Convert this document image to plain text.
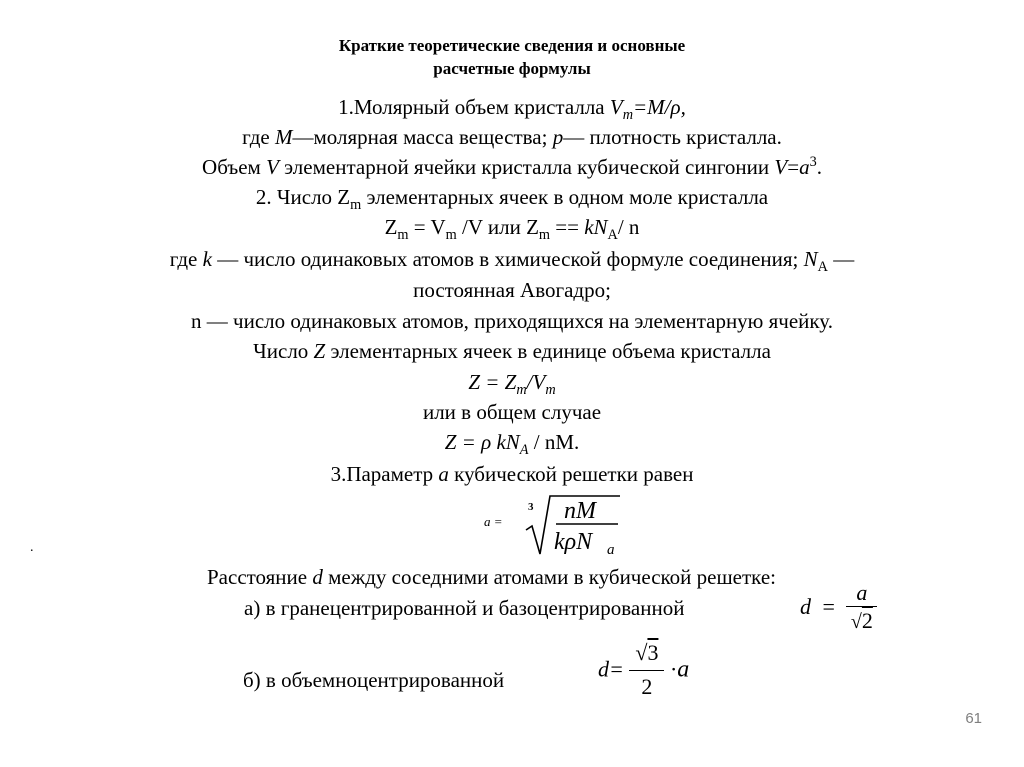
Краткие теоретические сведения и основные
расчетные формулы
1.Молярный объем кристалла $V_m=M/\rho$,
где M—молярная масса вещества; p— плотность кристалла.
Объем V элементарной ячейки кристалла кубической сингонии $V=a^3$.
2. Число $Z_m$ элементарных ячеек в одном моле кристалла
$Z_m = V_m$ /V или $Z_m == kN_A/$ n
где k — число одинаковых атомов в химической формуле соединения; $N_A$ —
постоянная Авогадро;
n — число одинаковых атомов, приходящихся на элементарную ячейку.
Число Z элементарных ячеек в единице объема кристалла
$Z = Z_m/V_m$
или в общем случае
Z = ρ $kN_A$ / nM.
3.Параметр a кубической решетки равен
a =
3 nM
kρN a
.
Расстояние d между соседними атомами в кубической решетке:
а) в гранецентрированной и базоцентрированной	$d = \frac{a}{√2}$
б) в объемноцентрированной	$d= \frac{√3}{2} \cdot a$
61
